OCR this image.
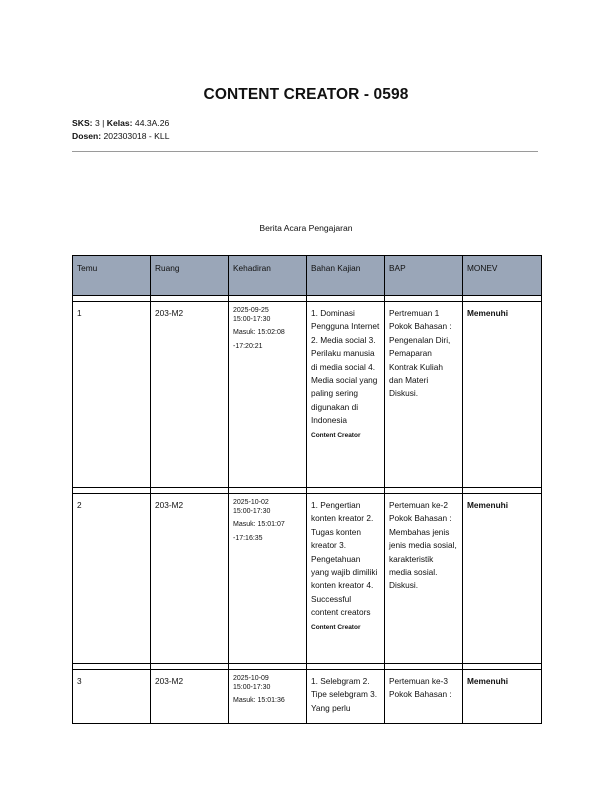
CONTENT CREATOR - 0598
SKS: 3 | Kelas: 44.3A.26
Dosen: 202303018 - KLL
Berita Acara Pengajaran
Temu	Ruang	Kehadiran	Bahan Kajian	BAP	MONEV

1	203-M2	2025-09-25
15:00-17:30
Masuk: 15:02:08
-17:20:21	1. Dominasi Pengguna Internet 2. Media social 3. Perilaku manusia di media social 4. Media social yang paling sering digunakan di Indonesia
Content Creator	Pertremuan 1 Pokok Bahasan : Pengenalan Diri, Pemaparan Kontrak Kuliah dan Materi Diskusi.	Memenuhi

2	203-M2	2025-10-02
15:00-17:30
Masuk: 15:01:07
-17:16:35	1. Pengertian konten kreator 2. Tugas konten kreator 3. Pengetahuan yang wajib dimiliki konten kreator 4. Successful content creators
Content Creator	Pertemuan ke-2 Pokok Bahasan : Membahas jenis jenis media sosial, karakteristik media sosial. Diskusi.	Memenuhi

3	203-M2	2025-10-09
15:00-17:30
Masuk: 15:01:36	1. Selebgram 2. Tipe selebgram 3. Yang perlu	Pertemuan ke-3 Pokok Bahasan :	Memenuhi
